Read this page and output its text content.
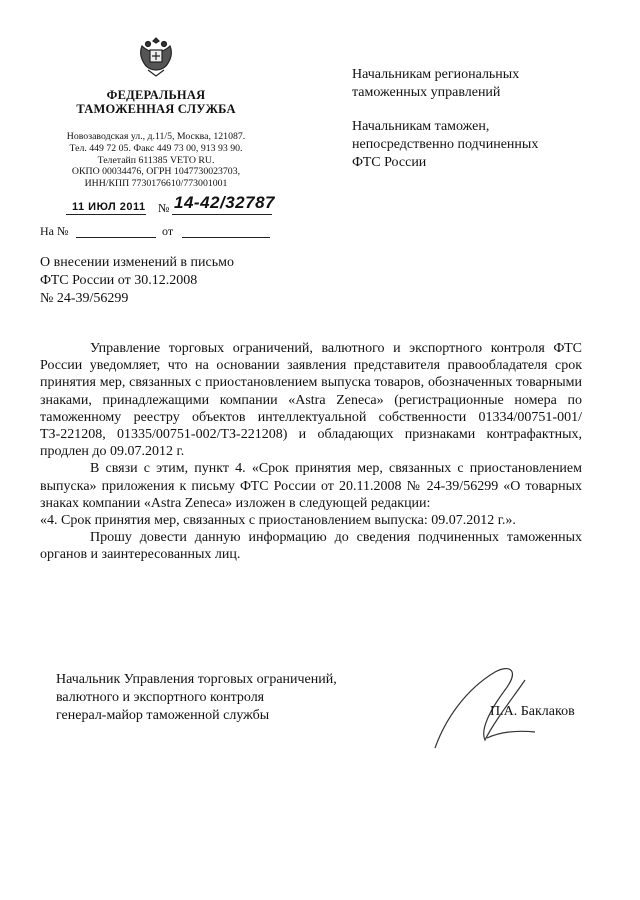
ФЕДЕРАЛЬНАЯ
ТАМОЖЕННАЯ СЛУЖБА
Новозаводская ул., д.11/5, Москва, 121087.
Тел. 449 72 05. Факс 449 73 00, 913 93 90.
Телетайп 611385 VETO RU.
ОКПО 00034476, ОГРН 1047730023703,
ИНН/КПП 7730176610/773001001
11 ИЮЛ 2011 № 14-42/32787
На №	от
Начальникам региональных
таможенных управлений
Начальникам таможен,
непосредственно подчиненных
ФТС России
О внесении изменений в письмо
ФТС России от 30.12.2008
№ 24-39/56299

Управление торговых ограничений, валютного и экспортного контроля ФТС России уведомляет, что на основании заявления представителя правообладателя срок принятия мер, связанных с приостановлением выпуска товаров, обозначенных товарными знаками, принадлежащими компании «Astra Zeneca» (регистрационные номера по таможенному реестру объектов интеллектуальной собственности 01334/00751-001/ТЗ-221208, 01335/00751-002/ТЗ-221208) и обладающих признаками контрафактных, продлен до 09.07.2012 г.

В связи с этим, пункт 4. «Срок принятия мер, связанных с приостановлением выпуска» приложения к письму ФТС России от 20.11.2008 № 24-39/56299 «О товарных знаках компании «Astra Zeneca» изложен в следующей редакции:

«4. Срок принятия мер, связанных с приостановлением выпуска: 09.07.2012 г.».

Прошу довести данную информацию до сведения подчиненных таможенных органов и заинтересованных лиц.

Начальник Управления торговых ограничений,
валютного и экспортного контроля
генерал-майор таможенной службы	П.А. Баклаков
